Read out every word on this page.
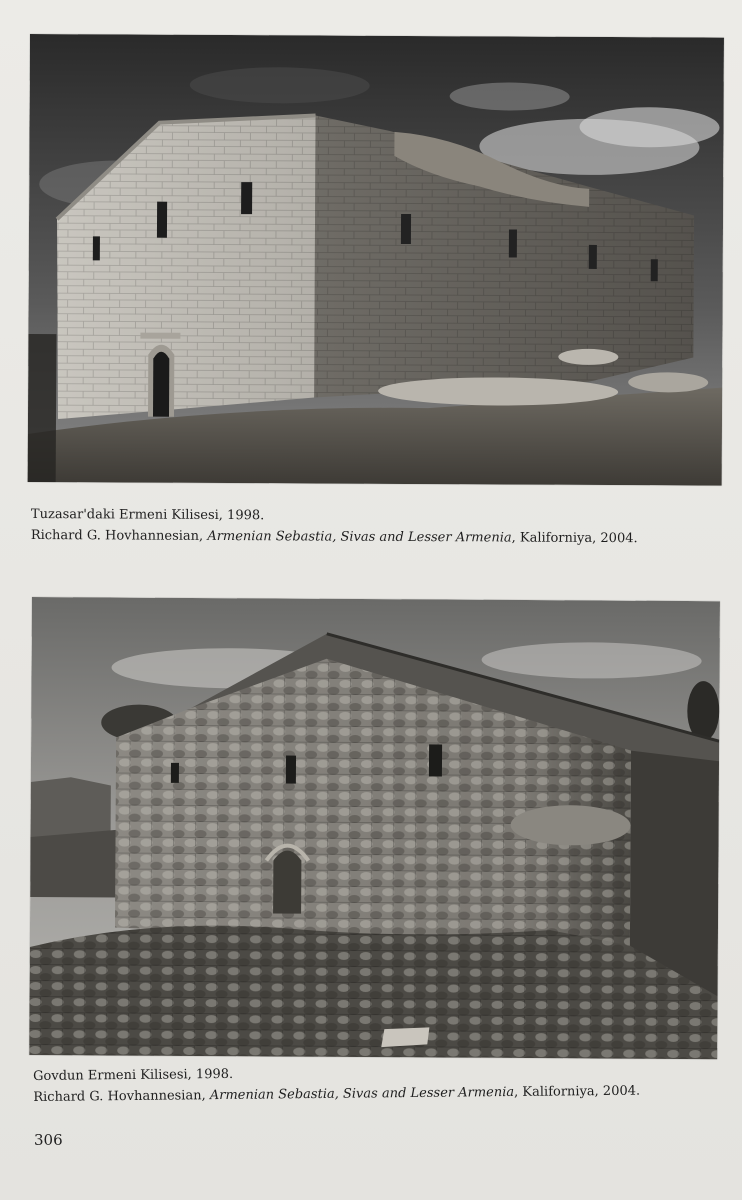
Tuzasar'daki Ermeni Kilisesi, 1998.
Richard G. Hovhannesian, Armenian Sebastia, Sivas and Lesser Armenia, Kaliforniya, 2004.
Govdun Ermeni Kilisesi, 1998.
Richard G. Hovhannesian, Armenian Sebastia, Sivas and Lesser Armenia, Kaliforniya, 2004.
306
